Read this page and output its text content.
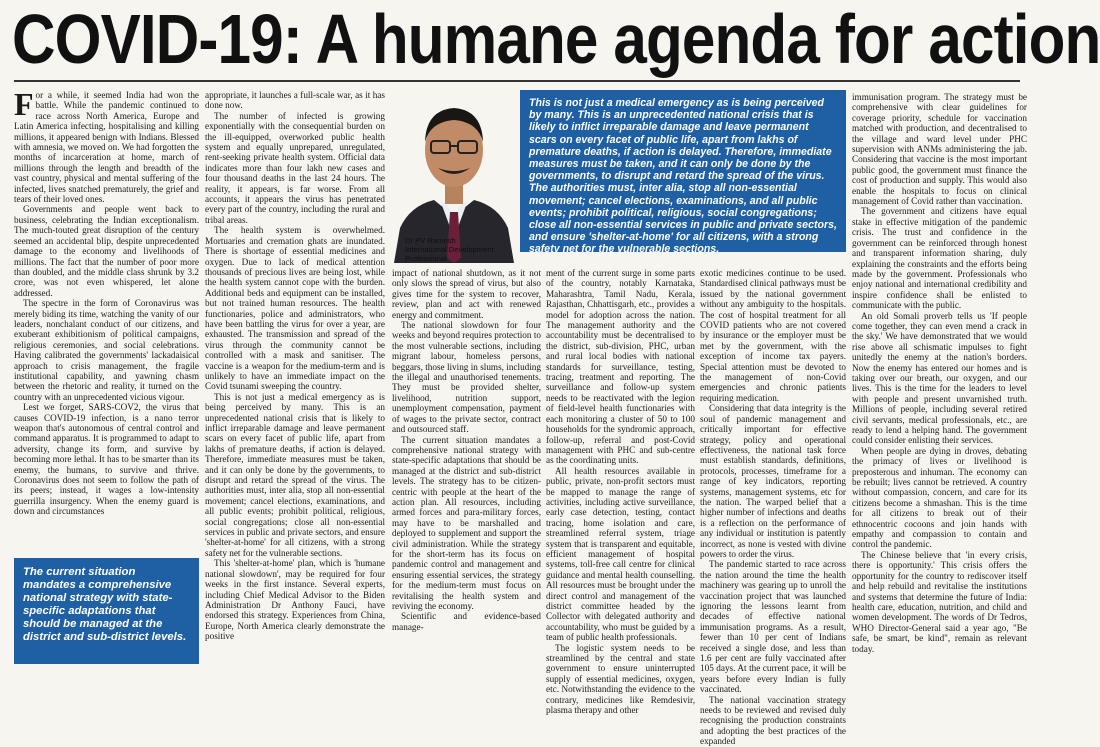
COVID-19: A humane agenda for action

For a while, it seemed India had won the battle. While the pandemic continued to race across North America, Europe and Latin America infecting, hospitalising and killing millions, it appeared benign with Indians. Blessed with amnesia, we moved on. We had forgotten the months of incarceration at home, march of millions through the length and breadth of the vast country, physical and mental suffering of the infected, lives snatched prematurely, the grief and tears of their loved ones.

Governments and people went back to business, celebrating the Indian exceptionalism. The much-touted great disruption of the century seemed an accidental blip, despite unprecedented damage to the economy and livelihoods of millions. The fact that the number of poor more than doubled, and the middle class shrunk by 3.2 crore, was not even whispered, let alone addressed.

The spectre in the form of Coronavirus was merely biding its time, watching the vanity of our leaders, nonchalant conduct of our citizens, and exuberant exhibitionism of political campaigns, religious ceremonies, and social celebrations. Having calibrated the governments' lackadaisical approach to crisis management, the fragile institutional capability, and yawning chasm between the rhetoric and reality, it turned on the country with an unprecedented vicious vigour.

Lest we forget, SARS-COV2, the virus that causes COVID-19 infection, is a nano terror weapon that's autonomous of central control and command apparatus. It is programmed to adapt to adversity, change its form, and survive by becoming more lethal. It has to be smarter than its enemy, the humans, to survive and thrive. Coronavirus does not seem to follow the path of its peers; instead, it wages a low-intensity guerrilla insurgency. When the enemy guard is down and circumstances

The current situation mandates a comprehensive national strategy with state-specific adaptations that should be managed at the district and sub-district levels.

appropriate, it launches a full-scale war, as it has done now.

The number of infected is growing exponentially with the consequential burden on the ill-equipped, overworked public health system and equally unprepared, unregulated, rent-seeking private health system. Official data indicates more than four lakh new cases and four thousand deaths in the last 24 hours. The reality, it appears, is far worse. From all accounts, it appears the virus has penetrated every part of the country, including the rural and tribal areas.

The health system is overwhelmed. Mortuaries and cremation ghats are inundated. There is shortage of essential medicines and oxygen. Due to lack of medical attention thousands of precious lives are being lost, while the health system cannot cope with the burden. Additional beds and equipment can be installed, but not trained human resources. The health functionaries, police and administrators, who have been battling the virus for over a year, are exhausted. The transmission and spread of the virus through the community cannot be controlled with a mask and sanitiser. The vaccine is a weapon for the medium-term and is unlikely to have an immediate impact on the Covid tsunami sweeping the country.

This is not just a medical emergency as is being perceived by many. This is an unprecedented national crisis that is likely to inflict irreparable damage and leave permanent scars on every facet of public life, apart from lakhs of premature deaths, if action is delayed. Therefore, immediate measures must be taken, and it can only be done by the governments, to disrupt and retard the spread of the virus. The authorities must, inter alia, stop all non-essential movement; cancel elections, examinations, and all public events; prohibit political, religious, social congregations; close all non-essential services in public and private sectors, and ensure 'shelter-at-home' for all citizens, with a strong safety net for the vulnerable sections.

This 'shelter-at-home' plan, which is 'humane national slowdown', may be required for four weeks in the first instance. Several experts, including Chief Medical Advisor to the Biden Administration Dr Anthony Fauci, have endorsed this strategy. Experiences from China, Europe, North America clearly demonstrate the positive

Dr PV Ramesh
International Development Professional
This is not just a medical emergency as is being perceived by many. This is an unprecedented national crisis that is likely to inflict irreparable damage and leave permanent scars on every facet of public life, apart from lakhs of premature deaths, if action is delayed. Therefore, immediate measures must be taken, and it can only be done by the governments, to disrupt and retard the spread of the virus. The authorities must, inter alia, stop all non-essential movement; cancel elections, examinations, and all public events; prohibit political, religious, social congregations; close all non-essential services in public and private sectors, and ensure 'shelter-at-home' for all citizens, with a strong safety net for the vulnerable sections.

impact of national shutdown, as it not only slows the spread of virus, but also gives time for the system to recover, review, plan and act with renewed energy and commitment.

The national slowdown for four weeks and beyond requires protection to the most vulnerable sections, including migrant labour, homeless persons, beggars, those living in slums, including the illegal and unauthorised tenements. They must be provided shelter, livelihood, nutrition support, unemployment compensation, payment of wages to the private sector, contract and outsourced staff.

The current situation mandates a comprehensive national strategy with state-specific adaptations that should be managed at the district and sub-district levels. The strategy has to be citizen-centric with people at the heart of the action plan. All resources, including armed forces and para-military forces, may have to be marshalled and deployed to supplement and support the civil administration. While the strategy for the short-term has its focus on pandemic control and management and ensuring essential services, the strategy for the medium-term must focus on revitalising the health system and reviving the economy.

Scientific and evidence-based manage-

ment of the current surge in some parts of the country, notably Karnataka, Maharashtra, Tamil Nadu, Kerala, Rajasthan, Chhattisgarh, etc., provides a model for adoption across the nation. The management authority and the accountability must be decentralised to the district, sub-division, PHC, urban and rural local bodies with national standards for surveillance, testing, tracing, treatment and reporting. The surveillance and follow-up system needs to be reactivated with the legion of field-level health functionaries with each monitoring a cluster of 50 to 100 households for the syndromic approach, follow-up, referral and post-Covid management with PHC and sub-centre as the coordinating units.

All health resources available in public, private, non-profit sectors must be mapped to manage the range of activities, including active surveillance, early case detection, testing, contact tracing, home isolation and care, streamlined referral system, triage system that is transparent and equitable, efficient management of hospital systems, toll-free call centre for clinical guidance and mental health counselling. All resources must be brought under the direct control and management of the district committee headed by the Collector with delegated authority and accountability, who must be guided by a team of public health professionals.

The logistic system needs to be streamlined by the central and state government to ensure uninterrupted supply of essential medicines, oxygen, etc. Notwithstanding the evidence to the contrary, medicines like Remdesivir, plasma therapy and other

immunisation program. The strategy must be comprehensive with clear guidelines for coverage priority, schedule for vaccination matched with production, and decentralised to the village and ward level under PHC supervision with ANMs administering the jab. Considering that vaccine is the most important public good, the government must finance the cost of production and supply. This would also enable the hospitals to focus on clinical management of Covid rather than vaccination.

The government and citizens have equal stake in effective mitigation of the pandemic crisis. The trust and confidence in the government can be reinforced through honest and transparent information sharing, duly explaining the constraints and the efforts being made by the government. Professionals who enjoy national and international credibility and inspire confidence shall be enlisted to communicate with the public.

An old Somali proverb tells us 'If people come together, they can even mend a crack in the sky.' We have demonstrated that we would rise above all schismatic impulses to fight unitedly the enemy at the nation's borders. Now the enemy has entered our homes and is taking over our breath, our oxygen, and our lives. This is the time for the leaders to level with people and present unvarnished truth. Millions of people, including several retired civil servants, medical professionals, etc., are ready to lend a helping hand. The government could consider enlisting their services.

When people are dying in droves, debating the primacy of lives or livelihood is preposterous and inhuman. The economy can be rebuilt; lives cannot be retrieved. A country without compassion, concern, and care for its citizens become a shmashan. This is the time for all citizens to break out of their ethnocentric cocoons and join hands with empathy and compassion to contain and control the pandemic.

The Chinese believe that 'in every crisis, there is opportunity.' This crisis offers the opportunity for the country to rediscover itself and help rebuild and revitalise the institutions and systems that determine the future of India: health care, education, nutrition, and child and women development. The words of Dr Tedros, WHO Director-General said a year ago, "Be safe, be smart, be kind", remain as relevant today.

exotic medicines continue to be used. Standardised clinical pathways must be issued by the national government without any ambiguity to the hospitals. The cost of hospital treatment for all COVID patients who are not covered by insurance or the employer must be met by the government, with the exception of income tax payers. Special attention must be devoted to the management of non-Covid emergencies and chronic patients requiring medication.

Considering that data integrity is the soul of pandemic management and critically important for effective strategy, policy and operational effectiveness, the national task force must establish standards, definitions, protocols, processes, timeframe for a range of key indicators, reporting systems, management systems, etc for the nation. The warped belief that a higher number of infections and deaths is a reflection on the performance of any individual or institution is patently incorrect, as none is vested with divine powers to order the virus.

The pandemic started to race across the nation around the time the health machinery was gearing up to unroll the vaccination project that was launched ignoring the lessons learnt from decades of effective national immunisation programs. As a result, fewer than 10 per cent of Indians received a single dose, and less than 1.6 per cent are fully vaccinated after 105 days. At the current pace, it will be years before every Indian is fully vaccinated.

The national vaccination strategy needs to be reviewed and revised duly recognising the production constraints and adopting the best practices of the expanded
